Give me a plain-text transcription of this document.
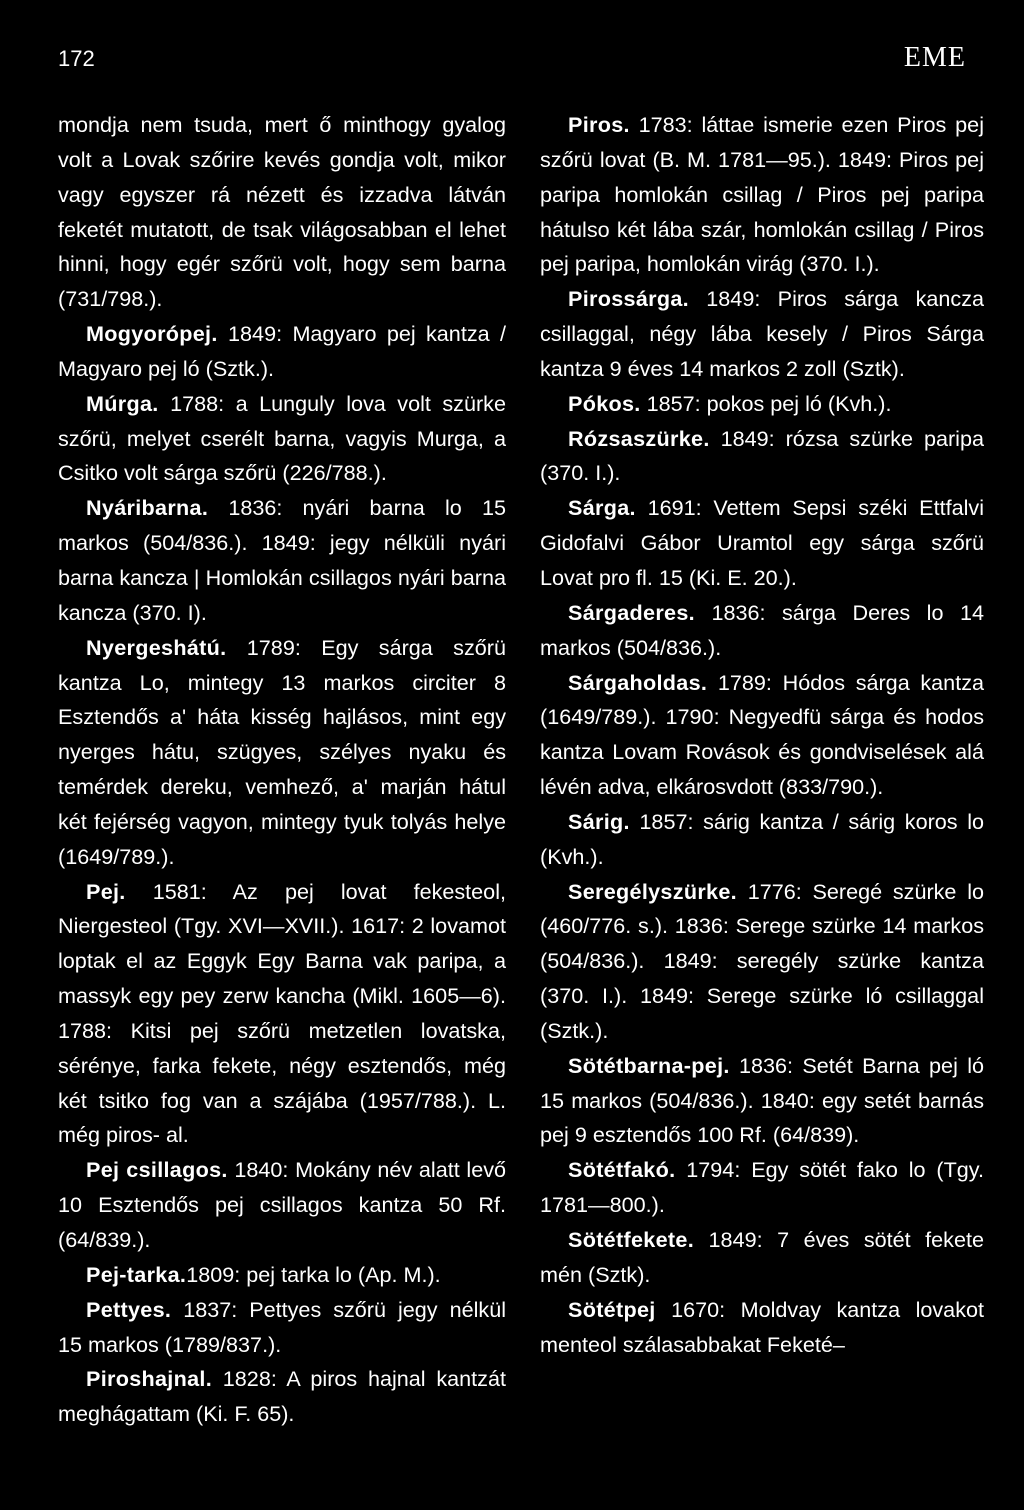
172	EME

mondja nem tsuda, mert ő minthogy gyalog volt a Lovak szőrire kevés gondja volt, mikor vagy egyszer rá nézett és izzadva látván feketét mutatott, de tsak világosabban el lehet hinni, hogy egér szőrü volt, hogy sem barna (731/798.).

Mogyorópej. 1849: Magyaro pej kantza / Magyaro pej ló (Sztk.).

Múrga. 1788: a Lunguly lova volt szürke szőrü, melyet cserélt barna, vagyis Murga, a Csitko volt sárga szőrü (226/788.).

Nyáribarna. 1836: nyári barna lo 15 markos (504/836.). 1849: jegy nélküli nyári barna kancza | Homlokán csillagos nyári barna kancza (370. I).

Nyergeshátú. 1789: Egy sárga szőrü kantza Lo, mintegy 13 markos circiter 8 Esztendős a' háta kisség hajlásos, mint egy nyerges hátu, szügyes, szélyes nyaku és temérdek dereku, vemhező, a' marján hátul két fejérség vagyon, mintegy tyuk tolyás helye (1649/789.).

Pej. 1581: Az pej lovat fekesteol, Niergesteol (Tgy. XVI—XVII.). 1617: 2 lovamot loptak el az Eggyk Egy Barna vak paripa, a massyk egy pey zerw kancha (Mikl. 1605—6). 1788: Kitsi pej szőrü metzetlen lovatska, sérénye, farka fekete, négy esztendős, még két tsitko fog van a szájába (1957/788.). L. még piros- al.

Pej csillagos. 1840: Mokány név alatt levő 10 Esztendős pej csillagos kantza 50 Rf. (64/839.).

Pej-tarka.1809: pej tarka lo (Ap. M.).

Pettyes. 1837: Pettyes szőrü jegy nélkül 15 markos (1789/837.).

Piroshajnal. 1828: A piros hajnal kantzát meghágattam (Ki. F. 65).

Piros. 1783: láttae ismerie ezen Piros pej szőrü lovat (B. M. 1781—95.). 1849: Piros pej paripa homlokán csillag / Piros pej paripa hátulso két lába szár, homlokán csillag / Piros pej paripa, homlokán virág (370. I.).

Pirossárga. 1849: Piros sárga kancza csillaggal, négy lába kesely / Piros Sárga kantza 9 éves 14 markos 2 zoll (Sztk).

Pókos. 1857: pokos pej ló (Kvh.).

Rózsaszürke. 1849: rózsa szürke paripa (370. I.).

Sárga. 1691: Vettem Sepsi széki Ettfalvi Gidofalvi Gábor Uramtol egy sárga szőrü Lovat pro fl. 15 (Ki. E. 20.).

Sárgaderes. 1836: sárga Deres lo 14 markos (504/836.).

Sárgaholdas. 1789: Hódos sárga kantza (1649/789.). 1790: Negyedfü sárga és hodos kantza Lovam Rovások és gondviselések alá lévén adva, elkárosvdott (833/790.).

Sárig. 1857: sárig kantza / sárig koros lo (Kvh.).

Seregélyszürke. 1776: Seregé szürke lo (460/776. s.). 1836: Serege szürke 14 markos (504/836.). 1849: seregély szürke kantza (370. I.). 1849: Serege szürke ló csillaggal (Sztk.).

Sötétbarna-pej. 1836: Setét Barna pej ló 15 markos (504/836.). 1840: egy setét barnás pej 9 esztendős 100 Rf. (64/839).

Sötétfakó. 1794: Egy sötét fako lo (Tgy. 1781—800.).

Sötétfekete. 1849: 7 éves sötét fekete mén (Sztk).

Sötétpej 1670: Moldvay kantza lovakot menteol szálasabbakat Feketé–
